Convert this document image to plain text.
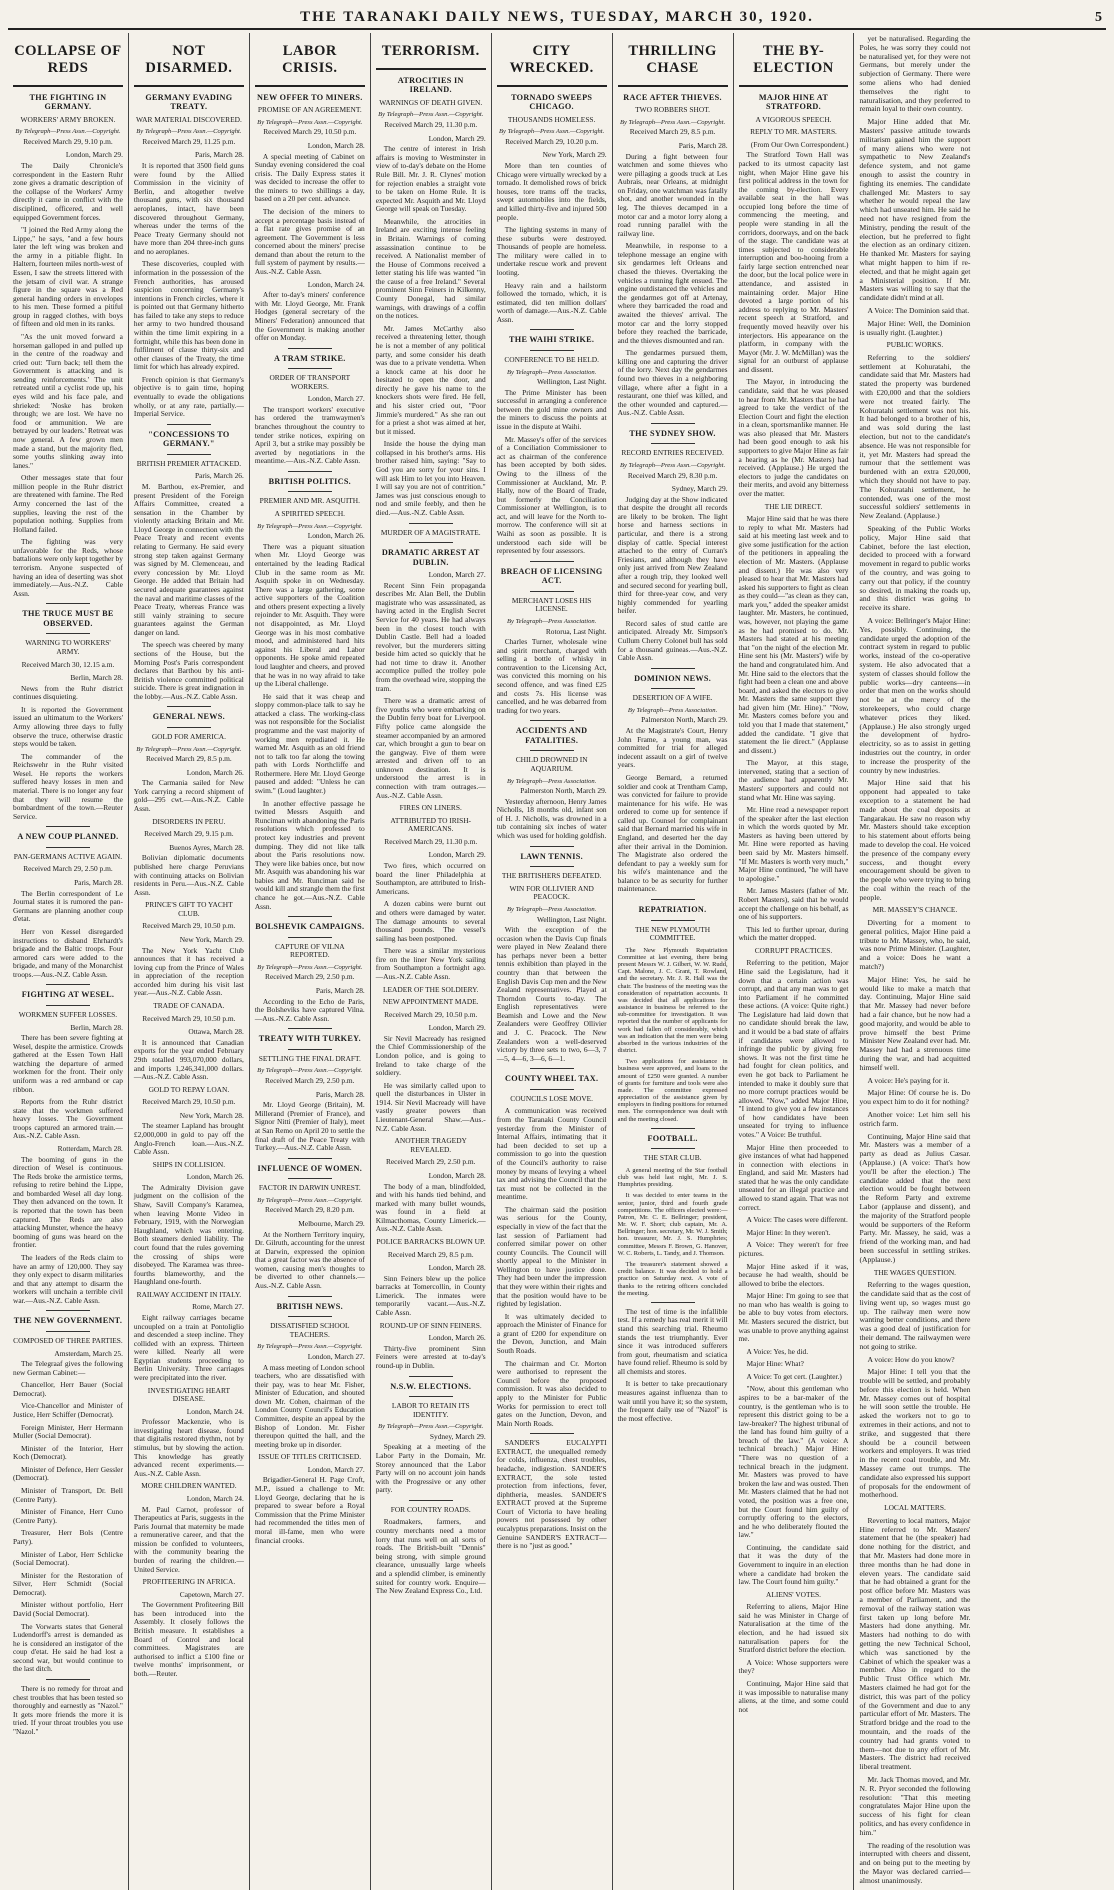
THE TARANAKI DAILY NEWS, TUESDAY, MARCH 30, 1920.	5
COLLAPSE OF REDS
THE FIGHTING IN GERMANY.
WORKERS' ARMY BROKEN.
By Telegraph—Press Assn.—Copyright.
Received March 29, 9.10 p.m.
London, March 29.

The Daily Chronicle's correspondent in the Eastern Ruhr zone gives a dramatic description of the collapse of the Workers' Army directly it came in conflict with the disciplined, officered, and well equipped Government forces.

"I joined the Red Army along the Lippe," he says, "and a few hours later the left wing was broken and the army in a pitiable flight. In Haltern, fourteen miles north-west of Essen, I saw the streets littered with the jetsam of civil war. A strange figure in the square was a Red general handing orders in envelopes to his men. These formed a pitiful group in ragged clothes, with boys of fifteen and old men in its ranks.

"As the unit moved forward a horseman galloped in and pulled up in the centre of the roadway and cried out: 'Turn back; tell them the Government is attacking and is sending reinforcements.' The unit retreated until a cyclist rode up, his eyes wild and his face pale, and shrieked: 'Noske has broken through; we are lost. We have no food or ammunition. We are betrayed by our leaders.' Retreat was now general. A few grown men made a stand, but the majority fled, some youths slinking away into lanes."

Other messages state that four million people in the Ruhr district are threatened with famine. The Red Army concerned the last of the supplies, leaving the rest of the population nothing. Supplies from Holland failed.

The fighting was very unfavorable for the Reds, whose battalions were only kept together by terrorism. Anyone suspected of having an idea of deserting was shot immediately.—Aus.-N.Z. Cable Assn.

THE TRUCE MUST BE OBSERVED.
WARNING TO WORKERS' ARMY.
Received March 30, 12.15 a.m.
Berlin, March 28.

News from the Ruhr district continues disquieting.

It is reported the Government issued an ultimatum to the Workers' Army allowing three days to fully observe the truce, otherwise drastic steps would be taken.

The commander of the Reichswehr in the Ruhr visited Wesel. He reports the workers suffered heavy losses in men and material. There is no longer any fear that they will resume the bombardment of the town.—Reuter Service.

A NEW COUP PLANNED.
PAN-GERMANS ACTIVE AGAIN.
Received March 29, 2.50 p.m.
Paris, March 28.

The Berlin correspondent of Le Journal states it is rumored the pan-Germans are planning another coup d'etat.

Herr von Kessel disregarded instructions to disband Ehrhardt's brigade and the Baltic troops. Four armored cars were added to the brigade, and many of the Monarchist troops.—Aus.-N.Z. Cable Assn.

FIGHTING AT WESEL.
WORKMEN SUFFER LOSSES.
Berlin, March 28.

There has been severe fighting at Wesel, despite the armistice. Crowds gathered at the Essen Town Hall watching the departure of armed workmen for the front. Their only uniform was a red armband or cap ribbon.

Reports from the Ruhr district state that the workmen suffered heavy losses. The Government troops captured an armored train.—Aus.-N.Z. Cable Assn.

Rotterdam, March 28.

The booming of guns in the direction of Wesel is continuous. The Reds broke the armistice terms, refusing to retire behind the Lippe, and bombarded Wesel all day long. They then advanced on the town. It is reported that the town has been captured. The Reds are also attacking Munster, whence the heavy booming of guns was heard on the frontier.

The leaders of the Reds claim to have an army of 120,000. They say they only expect to disarm militaries and that any attempt to disarm the workers will unchain a terrible civil war.—Aus.-N.Z. Cable Assn.

THE NEW GOVERNMENT.
COMPOSED OF THREE PARTIES.
Amsterdam, March 25.

The Telegraaf gives the following new German Cabinet:—

Chancellor, Herr Bauer (Social Democrat).

Vice-Chancellor and Minister of Justice, Herr Schiffer (Democrat).

Foreign Minister, Herr Hermann Muller (Social Democrat).

Minister of the Interior, Herr Koch (Democrat).

Minister of Defence, Herr Gessler (Democrat).

Minister of Transport, Dr. Bell (Centre Party).

Minister of Finance, Herr Cuno (Centre Party).

Treasurer, Herr Bols (Centre Party).

Minister of Labor, Herr Schlicke (Social Democrat).

Minister for the Restoration of Silver, Herr Schmidt (Social Democrat).

Minister without portfolio, Herr David (Social Democrat).

The Vorwarts states that General Ludendorff's arrest is demanded as he is considered an instigator of the coup d'etat. He said he had lost a second war, but would continue to the last ditch.

There is no remedy for throat and chest troubles that has been tested so thoroughly and earnestly as "Nazol." It gets more friends the more it is tried. If your throat troubles you use "Nazol."

NOT DISARMED.
GERMANY EVADING TREATY.
WAR MATERIAL DISCOVERED.
By Telegraph—Press Assn.—Copyright.
Received March 29, 11.25 p.m.
Paris, March 28.

It is reported that 3500 field guns were found by the Allied Commission in the vicinity of Berlin, and altogether twelve thousand guns, with six thousand aeroplanes, intact, have been discovered throughout Germany, whereas under the terms of the Peace Treaty Germany should not have more than 204 three-inch guns and no aeroplanes.

These discoveries, coupled with information in the possession of the French authorities, has aroused suspicion concerning Germany's intentions in French circles, where it is pointed out that Germany hitherto has failed to take any steps to reduce her army to two hundred thousand within the time limit expiring in a fortnight, while this has been done in fulfilment of clause thirty-six and other clauses of the Treaty, the time limit for which has already expired.

French opinion is that Germany's objective is to gain time, hoping eventually to evade the obligations wholly, or at any rate, partially.—Imperial Service.

"CONCESSIONS TO GERMANY."
BRITISH PREMIER ATTACKED.
Paris, March 26.

M. Barthou, ex-Premier, and present President of the Foreign Affairs Committee, created a sensation in the Chamber by violently attacking Britain and Mr. Lloyd George in connection with the Peace Treaty and recent events relating to Germany. He said every strong step taken against Germany was signed by M. Clemenceau, and every concession by Mr. Lloyd George. He added that Britain had secured adequate guarantees against the naval and maritime classes of the Peace Treaty, whereas France was still vainly straining to secure guarantees against the German danger on land.

The speech was cheered by many sections of the House, but the Morning Post's Paris correspondent declares that Barthou by his anti-British violence committed political suicide. There is great indignation in the lobby.—Aus.-N.Z. Cable Assn.

GENERAL NEWS.
GOLD FOR AMERICA.
By Telegraph—Press Assn.—Copyright.
Received March 29, 8.5 p.m.
London, March 26.

The Carmania sailed for New York carrying a record shipment of gold—295 cwt.—Aus.-N.Z. Cable Assn.

DISORDERS IN PERU.
Received March 29, 9.15 p.m.
Buenos Ayres, March 28.

Bolivian diplomatic documents published here charge Peruvians with continuing attacks on Bolivian residents in Peru.—Aus.-N.Z. Cable Assn.

PRINCE'S GIFT TO YACHT CLUB.
Received March 29, 10.50 p.m.
New York, March 29.

The New York Yacht Club announces that it has received a loving cup from the Prince of Wales in appreciation of the reception accorded him during his visit last year.—Aus.-N.Z. Cable Assn.

TRADE OF CANADA.
Received March 29, 10.50 p.m.
Ottawa, March 28.

It is announced that Canadian exports for the year ended February 29th totalled 993,070,000 dollars, and imports 1,246,341,000 dollars.—Aus.-N.Z. Cable Assn.

GOLD TO REPAY LOAN.
Received March 29, 10.50 p.m.
New York, March 28.

The steamer Lapland has brought £2,000,000 in gold to pay off the Anglo-French loan.—Aus.-N.Z. Cable Assn.

SHIPS IN COLLISION.
London, March 26.

The Admiralty Division gave judgment on the collision of the Shaw, Savill Company's Karamea, when leaving Monte Video in February, 1919, with the Norwegian Haughland, which was entering. Both steamers denied liability. The court found that the rules governing the crossing of ships were disobeyed. The Karamea was three-fourths blameworthy, and the Haughland one-fourth.

RAILWAY ACCIDENT IN ITALY.
Rome, March 27.

Eight railway carriages became uncoupled on a train at Pontoliglio and descended a steep incline. They collided with an express. Thirteen were killed. Nearly all were Egyptian students proceeding to Berlin University. Three carriages were precipitated into the river.

INVESTIGATING HEART DISEASE.
London, March 24.

Professor Mackenzie, who is investigating heart disease, found that digitalis restored rhythm, not by stimulus, but by slowing the action. This knowledge has greatly advanced recent experiments.—Aus.-N.Z. Cable Assn.

MORE CHILDREN WANTED.
London, March 24.

M. Paul Carnot, professor of Therapeutics at Paris, suggests in the Paris Journal that maternity be made a remunerative career, and that the mission be confided to volunteers, with the community bearing the burden of rearing the children.—United Service.

PROFITEERING IN AFRICA.
Capetown, March 27.

The Government Profiteering Bill has been introduced into the Assembly. It closely follows the British measure. It establishes a Board of Control and local committees. Magistrates are authorised to inflict a £100 fine or twelve months' imprisonment, or both.—Reuter.

LABOR CRISIS.
NEW OFFER TO MINERS.
PROMISE OF AN AGREEMENT.
By Telegraph—Press Assn.—Copyright.
Received March 29, 10.50 p.m.
London, March 28.

A special meeting of Cabinet on Sunday evening considered the coal crisis. The Daily Express states it was decided to increase the offer to the miners to two shillings a day, based on a 20 per cent. advance.

The decision of the miners to accept a percentage basis instead of a flat rate gives promise of an agreement. The Government is less concerned about the miners' precise demand than about the return to the full system of payment by results.—Aus.-N.Z. Cable Assn.

London, March 24.

After to-day's miners' conference with Mr. Lloyd George, Mr. Frank Hodges (general secretary of the Miners' Federation) announced that the Government is making another offer on Monday.

A TRAM STRIKE.
ORDER OF TRANSPORT WORKERS.
London, March 27.

The transport workers' executive has ordered the tramwaymen's branches throughout the country to tender strike notices, expiring on April 3, but a strike may possibly be averted by negotiations in the meantime.—Aus.-N.Z. Cable Assn.

BRITISH POLITICS.
PREMIER AND MR. ASQUITH.
A SPIRITED SPEECH.
By Telegraph—Press Assn.—Copyright.
London, March 26.

There was a piquant situation when Mr. Lloyd George was entertained by the leading Radical Club in the same room as Mr. Asquith spoke in on Wednesday. There was a large gathering, some active supporters of the Coalition and others present expecting a lively rejoinder to Mr. Asquith. They were not disappointed, as Mr. Lloyd George was in his most combative mood, and administered hard hits against his Liberal and Labor opponents. He spoke amid repeated loud laughter and cheers, and proved that he was in no way afraid to take up the Liberal challenge.

He said that it was cheap and sloppy common-place talk to say he attacked a class. The working-class was not responsible for the Socialist programme and the vast majority of working men repudiated it. He warned Mr. Asquith as an old friend not to talk too far along the towing path with Lords Northcliffe and Rothermere. Here Mr. Lloyd George paused and added: "Unless he can swim." (Loud laughter.)

In another effective passage he twitted Messrs Asquith and Runciman with abandoning the Paris resolutions which professed to protect key industries and prevent dumping. They did not like talk about the Paris resolutions now. They were like babies once, but now Mr. Asquith was abandoning his war babies and Mr. Runciman said he would kill and strangle them the first chance he got.—Aus.-N.Z. Cable Assn.

BOLSHEVIK CAMPAIGNS.
CAPTURE OF VILNA REPORTED.
By Telegraph—Press Assn.—Copyright.
Received March 29, 2.50 p.m.
Paris, March 28.

According to the Echo de Paris, the Bolsheviks have captured Vilna.—Aus.-N.Z. Cable Assn.

TREATY WITH TURKEY.
SETTLING THE FINAL DRAFT.
By Telegraph—Press Assn.—Copyright.
Received March 29, 2.50 p.m.
Paris, March 28.

Mr. Lloyd George (Britain), M. Millerand (Premier of France), and Signor Nitti (Premier of Italy), meet at San Remo on April 20 to settle the final draft of the Peace Treaty with Turkey.—Aus.-N.Z. Cable Assn.

INFLUENCE OF WOMEN.
FACTOR IN DARWIN UNREST.
By Telegraph—Press Assn.—Copyright.
Received March 29, 8.20 p.m.
Melbourne, March 29.

At the Northern Territory inquiry, Dr. Gilruth, accounting for the unrest at Darwin, expressed the opinion that a great factor was the absence of women, causing men's thoughts to be diverted to other channels.—Aus.-N.Z. Cable Assn.

BRITISH NEWS.
DISSATISFIED SCHOOL TEACHERS.
By Telegraph—Press Assn.—Copyright.
London, March 27.

A mass meeting of London school teachers, who are dissatisfied with their pay, was to hear Mr. Fisher, Minister of Education, and shouted down Mr. Cohen, chairman of the London County Council's Education Committee, despite an appeal by the Bishop of London. Mr. Fisher thereupon quitted the hall, and the meeting broke up in disorder.

ISSUE OF TITLES CRITICISED.
London, March 27.

Brigadier-General H. Page Croft, M.P., issued a challenge to Mr. Lloyd George, declaring that he is prepared to swear before a Royal Commission that the Prime Minister had recommended the titles men of moral ill-fame, men who were financial crooks.

TERRORISM.
ATROCITIES IN IRELAND.
WARNINGS OF DEATH GIVEN.
By Telegraph—Press Assn.—Copyright.
Received March 29, 11.30 p.m.
London, March 29.

The centre of interest in Irish affairs is moving to Westminster in view of to-day's debate on the Home Rule Bill. Mr. J. R. Clynes' motion for rejection enables a straight vote to be taken on Home Rule. It is expected Mr. Asquith and Mr. Lloyd George will speak on Tuesday.

Meanwhile, the atrocities in Ireland are exciting intense feeling in Britain. Warnings of coming assassination continue to be received. A Nationalist member of the House of Commons received a letter stating his life was wanted "in the cause of a free Ireland." Several prominent Sinn Feiners in Kilkenny, County Donegal, had similar warnings, with drawings of a coffin on the notices.

Mr. James McCarthy also received a threatening letter, though he is not a member of any political party, and some consider his death was due to a private vendetta. When a knock came at his door he hesitated to open the door, and directly he gave his name to the knockers shots were fired. He fell, and his sister cried out, "Poor Jimmie's murdered." As she ran out for a priest a shot was aimed at her, but it missed.

Inside the house the dying man collapsed in his brother's arms. His brother raised him, saying: "Say to God you are sorry for your sins. I will ask Him to let you into Heaven. I will say you are not of contrition." James was just conscious enough to nod and smile feebly, and then he died.—Aus.-N.Z. Cable Assn.

MURDER OF A MAGISTRATE.
DRAMATIC ARREST AT DUBLIN.
London, March 27.

Recent Sinn Fein propaganda describes Mr. Alan Bell, the Dublin magistrate who was assassinated, as having acted in the English Secret Service for 40 years. He had always been in the closest touch with Dublin Castle. Bell had a loaded revolver, but the murderers sitting beside him acted so quickly that he had not time to draw it. Another accomplice pulled the trolley pole from the overhead wire, stopping the tram.

There was a dramatic arrest of five youths who were embarking on the Dublin ferry boat for Liverpool. Fifty police came alongside the steamer accompanied by an armored car, which brought a gun to bear on the gangway. Five of them were arrested and driven off to an unknown destination. It is understood the arrest is in connection with tram outrages.—Aus.-N.Z. Cable Assn.

FIRES ON LINERS.
ATTRIBUTED TO IRISH-AMERICANS.
Received March 29, 11.30 p.m.
London, March 29.

Two fires, which occurred on board the liner Philadelphia at Southampton, are attributed to Irish-Americans.

A dozen cabins were burnt out and others were damaged by water. The damage amounts to several thousand pounds. The vessel's sailing has been postponed.

There was a similar mysterious fire on the liner New York sailing from Southampton a fortnight ago.—Aus.-N.Z. Cable Assn.

LEADER OF THE SOLDIERY.
NEW APPOINTMENT MADE.
Received March 29, 10.50 p.m.
London, March 29.

Sir Nevil Macready has resigned the Chief Commissionership of the London police, and is going to Ireland to take charge of the soldiery.

He was similarly called upon to quell the disturbances in Ulster in 1914. Sir Nevil Macready will have vastly greater powers than Lieutenant-General Shaw.—Aus.-N.Z. Cable Assn.

ANOTHER TRAGEDY REVEALED.
Received March 29, 2.50 p.m.
London, March 28.

The body of a man, blindfolded, and with his hands tied behind, and marked with many bullet wounds, was found in a field at Kilmacthomas, County Limerick.—Aus.-N.Z. Cable Assn.

POLICE BARRACKS BLOWN UP.
Received March 29, 8.5 p.m.
London, March 28.

Sinn Feiners blew up the police barracks at Tomercollin, in County Limerick. The inmates were temporarily vacant.—Aus.-N.Z. Cable Assn.

ROUND-UP OF SINN FEINERS.
London, March 26.

Thirty-five prominent Sinn Feiners were arrested at to-day's round-up in Dublin.

N.S.W. ELECTIONS.
LABOR TO RETAIN ITS IDENTITY.
By Telegraph—Press Assn.—Copyright.
Sydney, March 29.

Speaking at a meeting of the Labor Party in the Domain, Mr. Storey announced that the Labor Party will on no account join hands with the Progressive or any other party.

FOR COUNTRY ROADS.

Roadmakers, farmers, and country merchants need a motor lorry that runs well on all sorts of roads. The British-built "Dennis" being strong, with simple ground clearance, unusually large wheels and a splendid climber, is eminently suited for country work. Enquire—The New Zealand Express Co., Ltd.

CITY WRECKED.
TORNADO SWEEPS CHICAGO.
THOUSANDS HOMELESS.
By Telegraph—Press Assn.—Copyright.
Received March 29, 10.20 p.m.
New York, March 29.

More than ten counties of Chicago were virtually wrecked by a tornado. It demolished rows of brick houses, tore trams off the tracks, swept automobiles into the fields, and killed thirty-five and injured 500 people.

The lighting systems in many of these suburbs were destroyed. Thousands of people are homeless. The military were called in to undertake rescue work and prevent looting.

Heavy rain and a hailstorm followed the tornado, which, it is estimated, did ten million dollars' worth of damage.—Aus.-N.Z. Cable Assn.

THE WAIHI STRIKE.
CONFERENCE TO BE HELD.
By Telegraph—Press Association.
Wellington, Last Night.

The Prime Minister has been successful in arranging a conference between the gold mine owners and the miners to discuss the points at issue in the dispute at Waihi.

Mr. Massey's offer of the services of a Conciliation Commissioner to act as chairman of the conference has been accepted by both sides. Owing to the illness of the Commissioner at Auckland, Mr. P. Hally, now of the Board of Trade, but formerly the Conciliation Commissioner at Wellington, is to act, and will leave for the North to-morrow. The conference will sit at Waihi as soon as possible. It is understood each side will be represented by four assessors.

BREACH OF LICENSING ACT.
MERCHANT LOSES HIS LICENSE.
By Telegraph—Press Association.
Rotorua, Last Night.

Charles Turner, wholesale wine and spirit merchant, charged with selling a bottle of whisky in contravention to the Licensing Act, was convicted this morning on his second offence, and was fined £25 and costs 7s. His license was cancelled, and he was debarred from trading for two years.

ACCIDENTS AND FATALITIES.
CHILD DROWNED IN AQUARIUM.
By Telegraph—Press Association.
Palmerston North, March 29.

Yesterday afternoon, Henry James Nicholls, 18 months old, infant son of H. J. Nicholls, was drowned in a tub containing six inches of water which was used for holding goldfish.

LAWN TENNIS.
THE BRITISHERS DEFEATED.
WIN FOR OLLIVIER AND PEACOCK.
By Telegraph—Press Association.
Wellington, Last Night.

With the exception of the occasion when the Davis Cup finals were played in New Zealand there has perhaps never been a better tennis exhibition than played in the country than that between the English Davis Cup men and the New Zealand representatives. Played at Thorndon Courts to-day. The English representatives were Beamish and Lowe and the New Zealanders were Geoffrey Ollivier and J. C. Peacock. The New Zealanders won a well-deserved victory by three sets to two, 6—3, 7—5, 4—6, 3—6, 6—1.

COUNTY WHEEL TAX.
COUNCILS LOSE MOVE.

A communication was received from the Taranaki County Council yesterday from the Minister of Internal Affairs, intimating that it had been decided to set up a commission to go into the question of the Council's authority to raise money by means of levying a wheel tax and advising the Council that the tax must not be collected in the meantime.

The chairman said the position was serious for the County, especially in view of the fact that the last session of Parliament had conferred similar power on other county Councils. The Council will shortly appeal to the Minister in Wellington to have justice done. They had been under the impression that they were within their rights and that the position would have to be righted by legislation.

It was ultimately decided to approach the Minister of Finance for a grant of £200 for expenditure on the Devon, Junction, and Main South Roads.

The chairman and Cr. Morton were authorised to represent the Council before the proposed commission. It was also decided to apply to the Minister for Public Works for permission to erect toll gates on the Junction, Devon, and Main North Roads.

SANDER'S EUCALYPTI EXTRACT, the unequalled remedy for colds, influenza, chest troubles, headache, indigestion. SANDER'S EXTRACT, the sole tested protection from infections, fever, diphtheria, measles. SANDER'S EXTRACT proved at the Supreme Court of Victoria to have healing powers not possessed by other eucalyptus preparations. Insist on the Genuine SANDER'S EXTRACT—there is no "just as good."

THRILLING CHASE
RACE AFTER THIEVES.
TWO ROBBERS SHOT.
By Telegraph—Press Assn.—Copyright.
Received March 29, 8.5 p.m.
Paris, March 28.

During a fight between four watchmen and some thieves who were pillaging a goods truck at Les Aubrais, near Orleans, at midnight on Friday, one watchman was fatally shot, and another wounded in the leg. The thieves decamped in a motor car and a motor lorry along a road running parallel with the railway line.

Meanwhile, in response to a telephone message an engine with six gendarmes left Orleans and chased the thieves. Overtaking the vehicles a running fight ensued. The engine outdistanced the vehicles and the gendarmes got off at Artenay, where they barricaded the road and awaited the thieves' arrival. The motor car and the lorry stopped before they reached the barricade, and the thieves dismounted and ran.

The gendarmes pursued them, killing one and capturing the driver of the lorry. Next day the gendarmes found two thieves in a neighboring village, where after a fight in a restaurant, one thief was killed, and the other wounded and captured.—Aus.-N.Z. Cable Assn.

THE SYDNEY SHOW.
RECORD ENTRIES RECEIVED.
By Telegraph—Press Assn.—Copyright.
Received March 29, 8.30 p.m.
Sydney, March 29.

Judging day at the Show indicated that despite the drought all records are likely to be broken. The light horse and harness sections in particular, and there is a strong display of cattle. Special interest attached to the entry of Curran's Friesians, and although they have only just arrived from New Zealand after a rough trip, they looked well and secured second for yearling bull, third for three-year cow, and very highly commended for yearling heifer.

Record sales of stud cattle are anticipated. Already Mr. Simpson's Cullum Cherry Colonel bull has sold for a thousand guineas.—Aus.-N.Z. Cable Assn.

DOMINION NEWS.
DESERTION OF A WIFE.
By Telegraph—Press Association.
Palmerston North, March 29.

At the Magistrate's Court, Henry John Frame, a young man, was committed for trial for alleged indecent assault on a girl of twelve years.

George Bernard, a returned soldier and cook at Trentham Camp, was convicted for failure to provide maintenance for his wife. He was ordered to come up for sentence if called up. Counsel for complainant said that Bernard married his wife in England, and deserted her the day after their arrival in the Dominion. The Magistrate also ordered the defendant to pay a weekly sum for his wife's maintenance and the balance to be as security for further maintenance.

REPATRIATION.
THE NEW PLYMOUTH COMMITTEE.

The New Plymouth Repatriation Committee at last evening, there being present Messrs W. J. Gilbert, W. W. Rudd, Capt. Malone, J. C. Grant, T. Rowland, and the secretary. Mr. J. R. Hall was the chair. The business of the meeting was the consideration of repatriation accounts. It was decided that all applications for assistance in business be referred to the sub-committee for investigation. It was reported that the number of applicants for work had fallen off considerably, which was an indication that the men were being absorbed in the various industries of the district.

Two applications for assistance in business were approved, and loans to the amount of £250 were granted. A number of grants for furniture and tools were also made. The committee expressed appreciation of the assistance given by employers in finding positions for returned men. The correspondence was dealt with and the meeting closed.

FOOTBALL.
THE STAR CLUB.

A general meeting of the Star football club was held last night, Mr. J. S. Humphries presiding.

It was decided to enter teams in the senior, junior, third and fourth grade competitions. The officers elected were:—Patron, Mr. C. E. Bellringer; president, Mr. W. F. Short; club captain, Mr. A. Bellringer; hon. secretary, Mr. W. J. Smith; hon. treasurer, Mr. J. S. Humphries; committee, Messrs F. Brown, G. Hanover, W. C. Roberts, L. Tandy, and J. Thomson.

The treasurer's statement showed a credit balance. It was decided to hold a practice on Saturday next. A vote of thanks to the retiring officers concluded the meeting.

The test of time is the infallible test. If a remedy has real merit it will stand this searching trial. Rheumo stands the test triumphantly. Ever since it was introduced sufferers from gout, rheumatism and sciatica have found relief. Rheumo is sold by all chemists and stores.

It is better to take precautionary measures against influenza than to wait until you have it; so the system, the frequent daily use of "Nazol" is the most effective.

THE BY-ELECTION
MAJOR HINE AT STRATFORD.
A VIGOROUS SPEECH.
REPLY TO MR. MASTERS.
(From Our Own Correspondent.)

The Stratford Town Hall was packed to its utmost capacity last night, when Major Hine gave his first political address in the town for the coming by-election. Every available seat in the hall was occupied long before the time of commencing the meeting, and people were standing in all the corridors, doorways, and on the back of the stage. The candidate was at times subjected to considerable interruption and boo-hooing from a fairly large section entrenched near the door, but the local police were in attendance, and assisted in maintaining order. Major Hine devoted a large portion of his address to replying to Mr. Masters' recent speech at Stratford, and frequently moved heavily over his interjectors. His appearance on the platform, in company with the Mayor (Mr. J. W. McMillan) was the signal for an outburst of applause and dissent.

The Mayor, in introducing the candidate, said that he was pleased to hear from Mr. Masters that he had agreed to take the verdict of the Election Court and fight the election in a clean, sportsmanlike manner. He was also pleased that Mr. Masters had been good enough to ask his supporters to give Major Hine as fair a hearing as he (Mr. Masters) had received. (Applause.) He urged the electors to judge the candidates on their merits, and avoid any bitterness over the matter.

THE LIE DIRECT.

Major Hine said that he was there to reply to what Mr. Masters had said at his meeting last week and to give some justification for the action of the petitioners in appealing the election of Mr. Masters. (Applause and dissent.) He was also very pleased to hear that Mr. Masters had asked his supporters to fight as clean as they could—"as clean as they can, mark you," added the speaker amidst laughter. Mr. Masters, he continued, was, however, not playing the game as he had promised to do. Mr. Masters had stated at his meeting that "on the night of the election Mr. Hine sent his (Mr. Masters') wife by the hand and congratulated him. And Mr. Hine said to the electors that the fight had been a clean one and above board, and asked the electors to give Mr. Masters the same support they had given him (Mr. Hine)." "Now, Mr. Masters comes before you and told you that I made that statement," added the candidate. "I give that statement the lie direct." (Applause and dissent.)

The Mayor, at this stage, intervened, stating that a section of the audience had apparently Mr. Masters' supporters and could not stand what Mr. Hine was saying.

Mr. Hine read a newspaper report of the speaker after the last election in which the words quoted by Mr. Masters as having been uttered by Mr. Hine were reported as having been said by Mr. Masters himself. "If Mr. Masters is worth very much," Major Hine continued, "he will have to apologise."

Mr. James Masters (father of Mr. Robert Masters), said that he would accept the challenge on his behalf, as one of his supporters.

This led to further uproar, during which the matter dropped.

CORRUPT PRACTICES.

Referring to the petition, Major Hine said the Legislature, had it down that a certain action was corrupt, and that any man was to get into Parliament if he committed these actions. (A voice: Quite right.) The Legislature had laid down that no candidate should break the law, and it would be a bad state of affairs if candidates were allowed to infringe the public by giving free shows. It was not the first time he had fought for clean politics, and even he got back to Parliament he intended to make it doubly sure that no more corrupt practices would be allowed. "Now," added Major Hine, "I intend to give you a few instances of how candidates have been unseated for trying to influence votes." A Voice: Be truthful.

Major Hine then proceeded to give instances of what had happened in connection with elections in England, and said Mr. Masters had stated that he was the only candidate unseated for an illegal practice and allowed to stand again. That was not correct.

A Voice: The cases were different.

Major Hine: In they weren't.

A Voice: They weren't for free pictures.

Major Hine asked if it was, because he had wealth, should be allowed to bribe the electors.

Major Hine: I'm going to see that no man who has wealth is going to be able to buy votes from electors. Mr. Masters secured the district, but was unable to prove anything against me.

A Voice: Yes, he did.

Major Hine: What?

A Voice: To get cert. (Laughter.)

"Now, about this gentleman who aspires to be a bar-maker of the country, is the gentleman who is to represent this district going to be a law-breaker? The highest tribunal of the land has found him guilty of a breach of the law." (A voice: A technical breach.) Major Hine: "There was no question of a technical breach in the judgment. Mr. Masters was proved to have broken the law and was ousted. Then Mr. Masters claimed that he had not voted, the position was a free one, but the Court found him guilty of corruptly offering to the electors, and he who deliberately flouted the law."

Continuing, the candidate said that it was the duty of the Government to inquire in an election where a candidate had broken the law. The Court found him guilty."

ALIENS' VOTES.

Referring to aliens, Major Hine said he was Minister in Charge of Naturalisation at the time of the election, and he had issued six naturalisation papers for the Stratford district before the election.

A Voice: Whose supporters were they?

Continuing, Major Hine said that it was impossible to naturalise many aliens, at the time, and some could not

yet be naturalised. Regarding the Poles, he was sorry they could not be naturalised yet, for they were not Germans, but merely under the subjection of Germany. There were some aliens who had denied themselves the right to naturalisation, and they preferred to remain loyal to their own country.

Major Hine added that Mr. Masters' passive attitude towards militarism gained him the support of many aliens who were not sympathetic to New Zealand's defence system, and not game enough to assist the country in fighting its enemies. The candidate challenged Mr. Masters to say whether he would repeal the law which had unseated him. He said he need not have resigned from the Ministry, pending the result of the election, but he preferred to fight the election as an ordinary citizen. He thanked Mr. Masters for saying what might happen to him if re-elected, and that he might again get a Ministerial position. If Mr. Masters was willing to say that the candidate didn't mind at all.

A Voice: The Dominion said that.

Major Hine: Well, the Dominion is usually right. (Laughter.)

PUBLIC WORKS.

Referring to the soldiers' settlement at Kohuratahi, the candidate said that Mr. Masters had stated the property was burdened with £20,000 and that the soldiers were not treated fairly. The Kohuratahi settlement was not his. It had belonged to a brother of his, and was sold during the last election, but not to the candidate's absence. He was not responsible for it, yet Mr. Masters had spread the rumour that the settlement was burdened with an extra £20,000, which they should not have to pay. The Kohuratahi settlement, he contended, was one of the most successful soldiers' settlements in New Zealand. (Applause.)

Speaking of the Public Works policy, Major Hine said that Cabinet, before the last election, decided to proceed with a forward movement in regard to public works of the country, and was going to carry out that policy, if the country so desired, in making the roads up, and this district was going to receive its share.

A voice: Bellringer's Major Hine: Yes, possibly. Continuing, the candidate urged the adoption of the contract system in regard to public works, instead of the co-operative system. He also advocated that a system of classes should follow the public works—dry canteens—in order that men on the works should not be at the mercy of the storekeepers, who could charge whatever prices they liked. (Applause.) He also strongly urged the development of hydro-electricity, so as to assist in getting industries out the country, in order to increase the prosperity of the country by new industries.

Major Hine said that his opponent had appealed to take exception to a statement he had made about the coal deposits at Tangarakau. He saw no reason why Mr. Masters should take exception to his statement about efforts being made to develop the coal. He voiced the presence of the company every success, and thought every encouragement should be given to the people who were trying to bring the coal within the reach of the people.

MR. MASSEY'S CHANCE.

Diverting for a moment to general politics, Major Hine paid a tribute to Mr. Massey, who, he said, was now Prime Minister. (Laughter, and a voice: Does he want a match?)

Major Hine: Yes, he said he would like to make a match that day. Continuing, Major Hine said that Mr. Massey had never before had a fair chance, but he now had a good majority, and would be able to prove himself the best Prime Minister New Zealand ever had. Mr. Massey had had a strenuous time during the war, and had acquitted himself well.

A voice: He's paying for it.

Major Hine: Of course he is. Do you expect him to do it for nothing?

Another voice: Let him sell his ostrich farm.

Continuing, Major Hine said that Mr. Masters was a member of a party as dead as Julius Cæsar. (Applause.) (A voice: That's how you'll be after the election.) The candidate added that the next election would be fought between the Reform Party and extreme Labor (applause and dissent), and the majority of the Stratford people would be supporters of the Reform Party. Mr. Massey, he said, was a friend of the working man, and had been successful in settling strikes. (Applause.)

THE WAGES QUESTION.

Referring to the wages question, the candidate said that as the cost of living went up, so wages must go up. The railway men were now wanting better conditions, and there was a good deal of justification for their demand. The railwaymen were not going to strike.

A voice: How do you know?

Major Hine: I tell you that the trouble will be settled, and probably before this election is held. When Mr. Massey comes out of hospital he will soon settle the trouble. He asked the workers not to go to extremes in their actions, and not to strike, and suggested that there should be a council between workers and employers. It was tried in the recent coal trouble, and Mr. Massey came out trumps. The candidate also expressed his support of proposals for the endowment of motherhood.

LOCAL MATTERS.

Reverting to local matters, Major Hine referred to Mr. Masters' statement that he (the speaker) had done nothing for the district, and that Mr. Masters had done more in three months than he had done in eleven years. The candidate said that he had obtained a grant for the post office before Mr. Masters was a member of Parliament, and the removal of the railway station was first taken up long before Mr. Masters had done anything. Mr. Masters had nothing to do with getting the new Technical School, which was sanctioned by the Cabinet of which the speaker was a member. Also in regard to the Public Trust Office which Mr. Masters claimed he had got for the district, this was part of the policy of the Government and due to any particular effort of Mr. Masters. The Stratford bridge and the road to the mountain, and the roads of the country had had grants voted to them—not due to any effort of Mr. Masters. The district had received liberal treatment.

Mr. Jack Thomas moved, and Mr. N. R. Pryor seconded the following resolution: "That this meeting congratulates Major Hine upon the success of his fight for clean politics, and has every confidence in him."

The reading of the resolution was interrupted with cheers and dissent, and on being put to the meeting by the Mayor was declared carried—almost unanimously.
